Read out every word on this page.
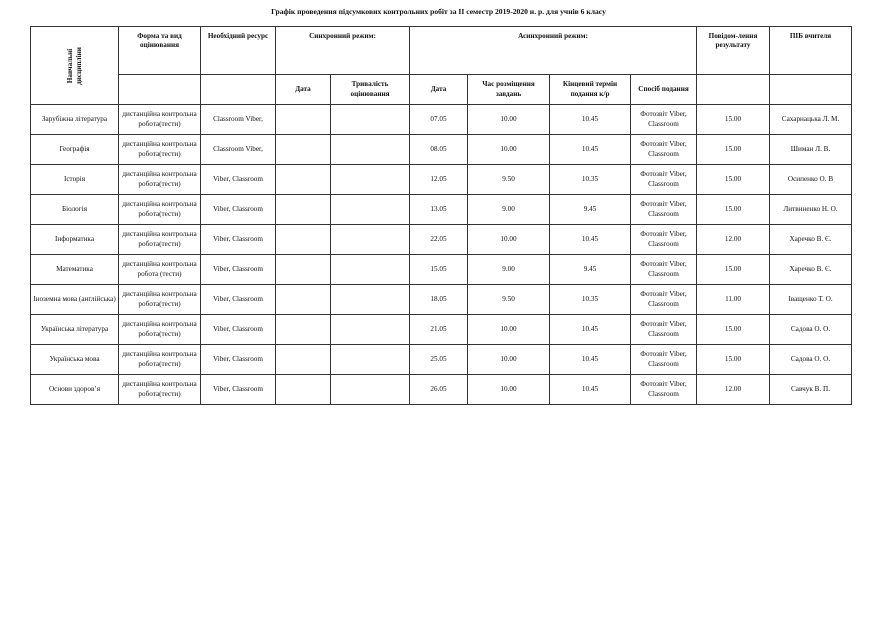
Графік проведення підсумкових контрольних робіт за ІІ семестр 2019-2020 н. р. для учнів 6 класу
Навчальні
дисципліни	Форма та вид оцінювання	Необхідний ресурс	Синхронний режим:		Асинхронний режим:				Повідом-лення результату	ПІБ вчителя
			Дата	Тривалість оцінювання	Дата	Час розміщення завдань	Кінцевий термін подання к/р	Спосіб подання		
Зарубіжна література	дистанційна контрольна робота(тести)	Classroom Viber,			07.05	10.00	10.45	Фотозвіт Viber, Classroom	15.00	Сахарнацька Л. М.
Географія	дистанційна контрольна робота(тести)	Classroom Viber,			08.05	10.00	10.45	Фотозвіт Viber, Classroom	15.00	Шиман Л. В.
Історія	дистанційна контрольна робота(тести)	Viber, Classroom			12.05	9.50	10.35	Фотозвіт Viber, Classroom	15.00	Осипенко О. В
Біологія	дистанційна контрольна робота(тести)	Viber, Classroom			13.05	9.00	9.45	Фотозвіт Viber, Classroom	15.00	Литвиненко Н. О.
Інформатика	дистанційна контрольна робота(тести)	Viber, Classroom			22.05	10.00	10.45	Фотозвіт Viber, Classroom	12.00	Харечко В. Є.
Математика	дистанційна контрольна робота (тести)	Viber, Classroom			15.05	9.00	9.45	Фотозвіт Viber, Classroom	15.00	Харечко В. Є.
Іноземна мова (англійська)	дистанційна контрольна робота(тести)	Viber, Classroom			18.05	9.50	10.35	Фотозвіт Viber, Classroom	11.00	Іващенко Т. О.
Українська література	дистанційна контрольна робота(тести)	Viber, Classroom			21.05	10.00	10.45	Фотозвіт Viber, Classroom	15.00	Садова О. О.
Українська мова	дистанційна контрольна робота(тести)	Viber, Classroom			25.05	10.00	10.45	Фотозвіт Viber, Classroom	15.00	Садова О. О.
Основи здоров’я	дистанційна контрольна робота(тести)	Viber, Classroom			26.05	10.00	10.45	Фотозвіт Viber, Classroom	12.00	Савчук В. П.
